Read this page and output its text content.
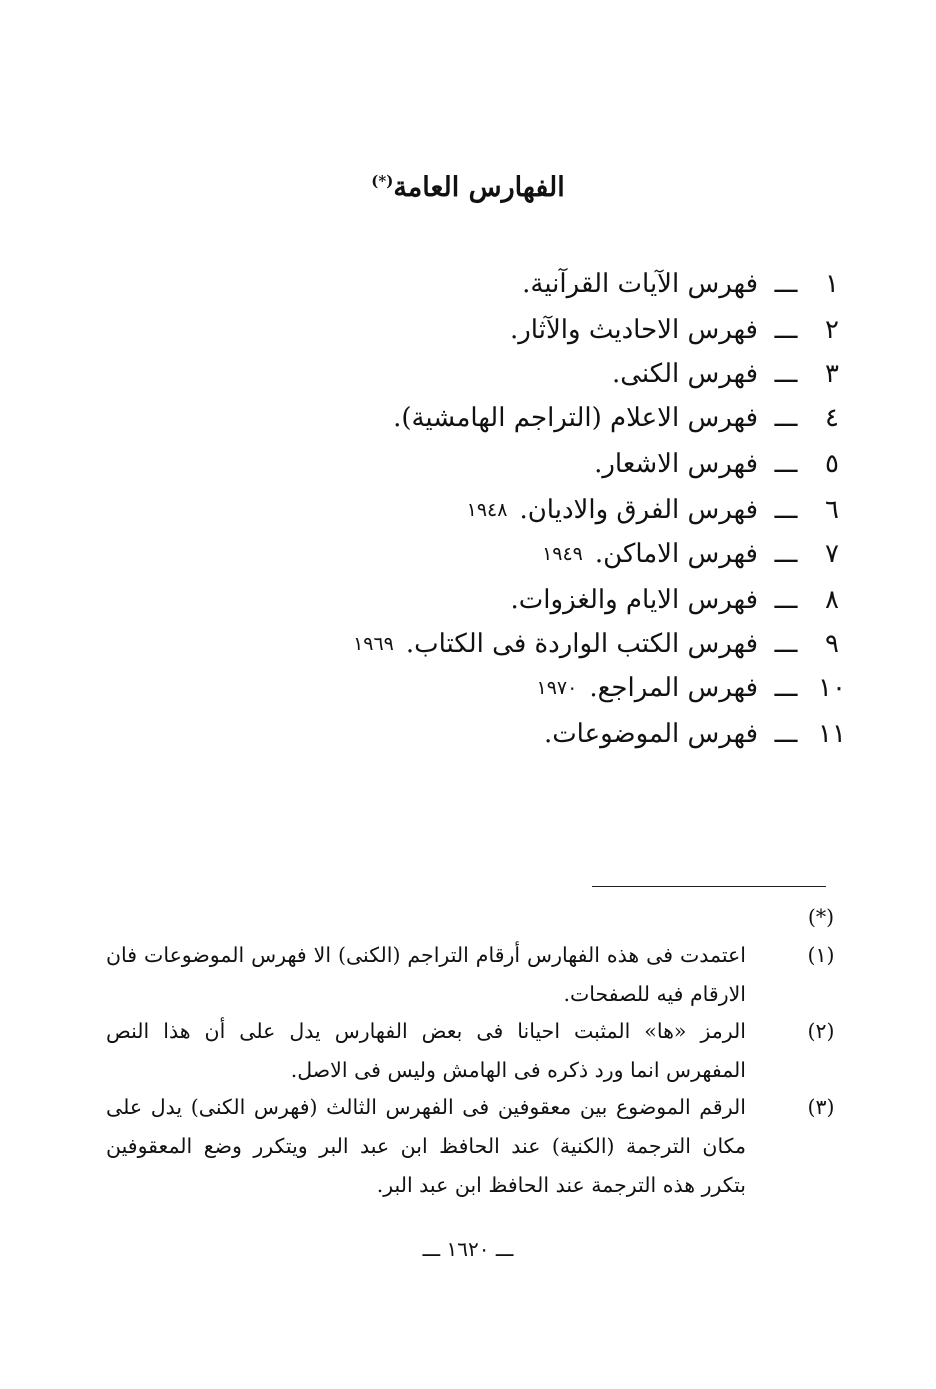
الفهارس العامة(*)
١
ـــ
فهرس الآيات القرآنية.
٢
ـــ
فهرس الاحاديث والآثار.
٣
ـــ
فهرس الكنى.
٤
ـــ
فهرس الاعلام (التراجم الهامشية).
٥
ـــ
فهرس الاشعار.
٦
ـــ
فهرس الفرق والاديان.
١٩٤٨
٧
ـــ
فهرس الاماكن.
١٩٤٩
٨
ـــ
فهرس الايام والغزوات.
٩
ـــ
فهرس الكتب الواردة فى الكتاب.
١٩٦٩
١٠
ـــ
فهرس المراجع.
١٩٧٠
١١
ـــ
فهرس الموضوعات.
(*)
(١)
اعتمدت فى هذه الفهارس أرقام التراجم (الكنى) الا فهرس الموضوعات فان الارقام فيه للصفحات.
(٢)
الرمز «ها» المثبت احيانا فى بعض الفهارس يدل على أن هذا النص المفهرس انما ورد ذكره فى الهامش وليس فى الاصل.
(٣)
الرقم الموضوع بين معقوفين فى الفهرس الثالث (فهرس الكنى) يدل على مكان الترجمة (الكنية) عند الحافظ ابن عبد البر ويتكرر وضع المعقوفين بتكرر هذه الترجمة عند الحافظ ابن عبد البر.
ـــ ١٦٢٠ ـــ
